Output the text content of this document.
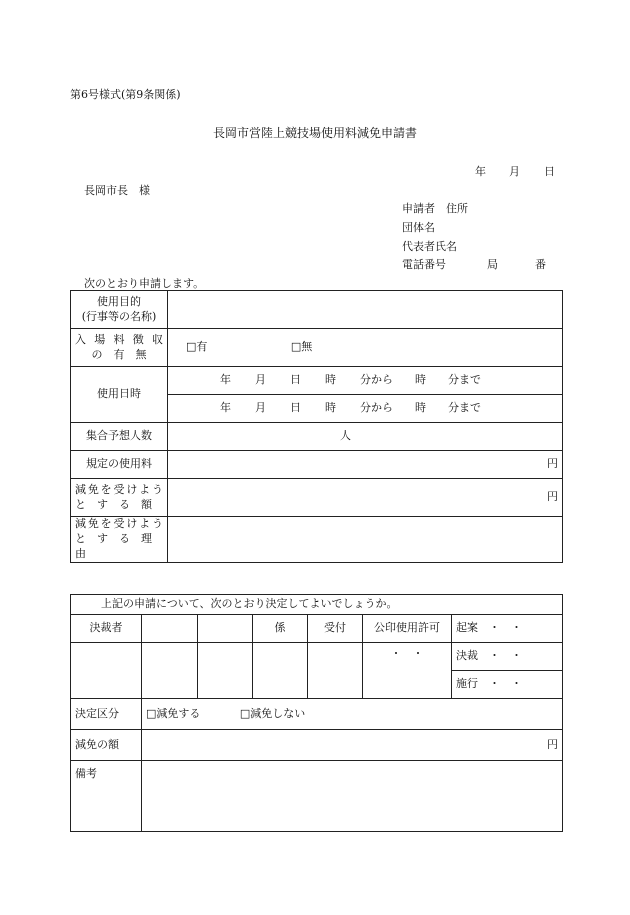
第6号様式(第9条関係)
長岡市営陸上競技場使用料減免申請書
年 月 日
長岡市長　様
申請者　住所
団体名
代表者氏名
電話番号	局	番
次のとおり申請します。
使用目的
(行事等の名称)	

入場料徴収
の　有　無	□有 □無
使用日時	年 月 日 時 分から 時 分まで
	年 月 日 時 分から 時 分まで
集合予想人数	人
規定の使用料	円

減免を受けよう
と　す　る　額	円

減免を受けよう
と　す　る　理　由	

上記の申請について、次のとおり決定してよいでしょうか。						
決裁者			係	受付	公印使用許可	起案　・　・
					・　・	決裁　・　・
						施行　・　・
決定区分	□減免する □減免しない					
減免の額	円					
備考						
